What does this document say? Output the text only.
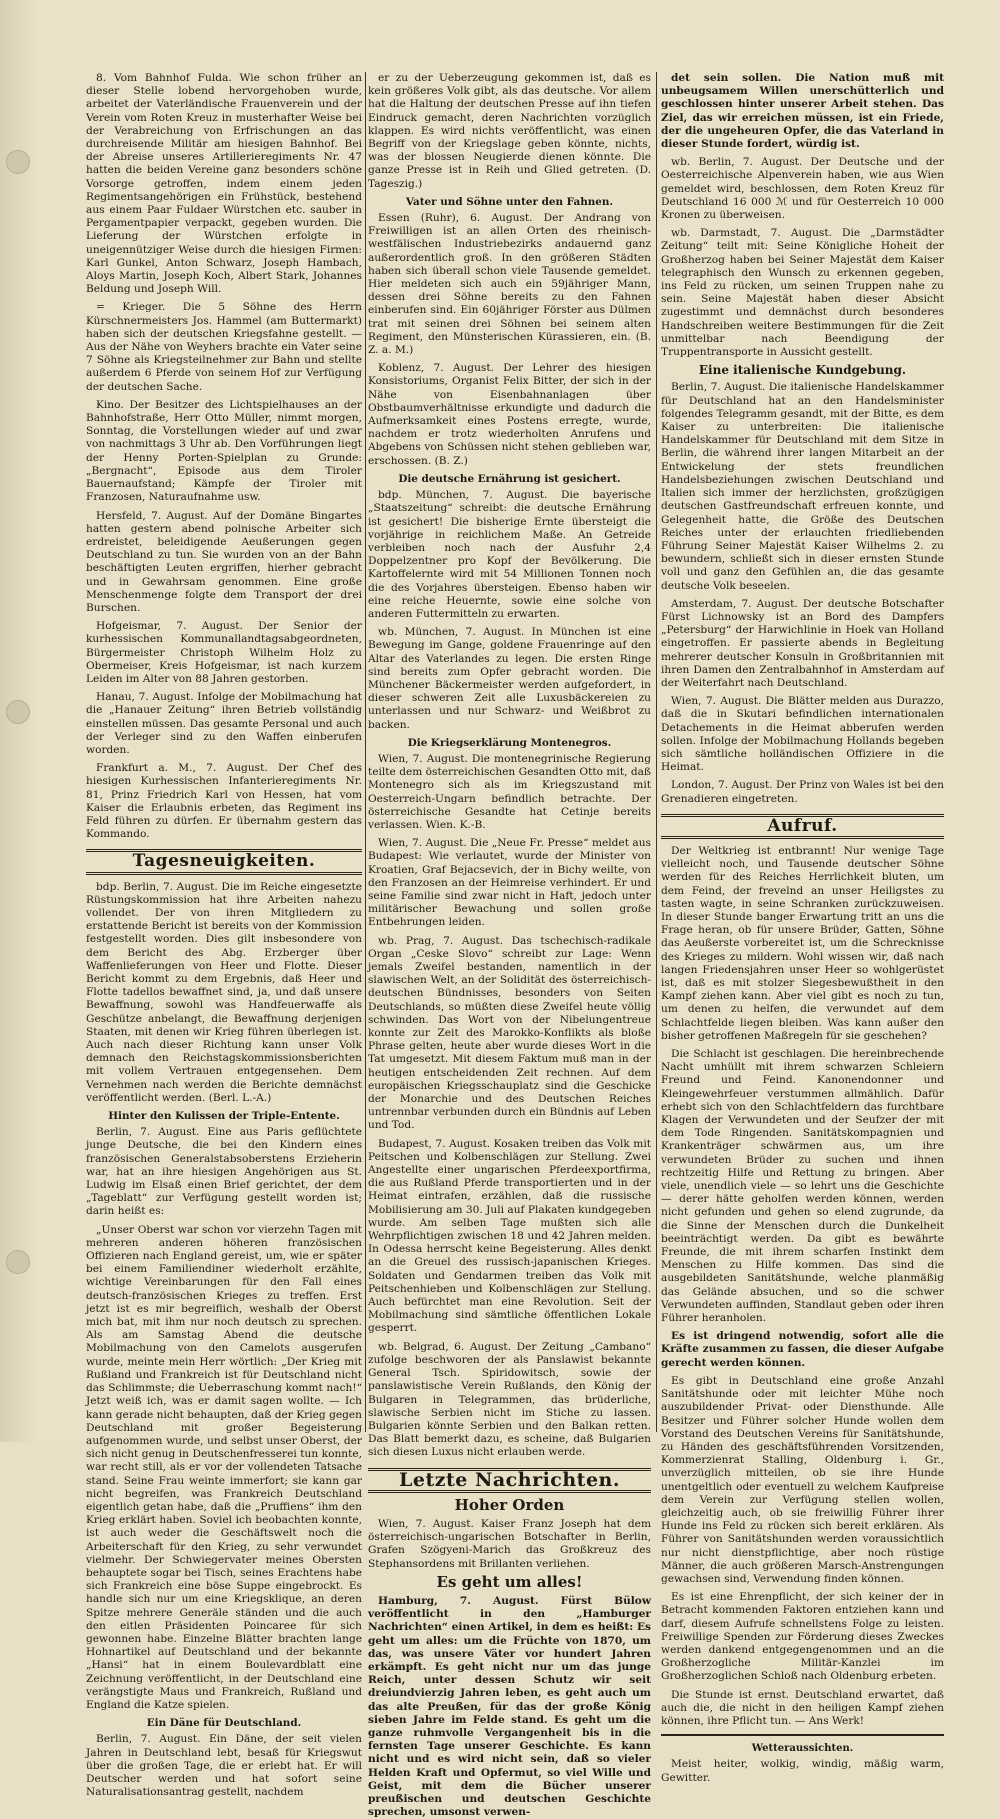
8. Vom Bahnhof Fulda. Wie schon früher an dieser Stelle lobend hervorgehoben wurde, arbeitet der Vaterländische Frauenverein und der Verein vom Roten Kreuz in musterhafter Weise bei der Verabreichung von Erfrischungen an das durchreisende Militär am hiesigen Bahnhof. Bei der Abreise unseres Artillerieregiments Nr. 47 hatten die beiden Vereine ganz besonders schöne Vorsorge getroffen, indem einem jeden Regimentsangehörigen ein Frühstück, bestehend aus einem Paar Fuldaer Würstchen etc. sauber in Pergamentpapier verpackt, gegeben wurden. Die Lieferung der Würstchen erfolgte in uneigennütziger Weise durch die hiesigen Firmen: Karl Gunkel, Anton Schwarz, Joseph Hambach, Aloys Martin, Joseph Koch, Albert Stark, Johannes Beldung und Joseph Will.

= Krieger. Die 5 Söhne des Herrn Kürschnermeisters Jos. Hammel (am Buttermarkt) haben sich der deutschen Kriegsfahne gestellt. — Aus der Nähe von Weyhers brachte ein Vater seine 7 Söhne als Kriegsteilnehmer zur Bahn und stellte außerdem 6 Pferde von seinem Hof zur Verfügung der deutschen Sache.

Kino. Der Besitzer des Lichtspielhauses an der Bahnhofstraße, Herr Otto Müller, nimmt morgen, Sonntag, die Vorstellungen wieder auf und zwar von nachmittags 3 Uhr ab. Den Vorführungen liegt der Henny Porten-Spielplan zu Grunde: „Bergnacht“, Episode aus dem Tiroler Bauernaufstand; Kämpfe der Tiroler mit Franzosen, Naturaufnahme usw.

Hersfeld, 7. August. Auf der Domäne Bingartes hatten gestern abend polnische Arbeiter sich erdreistet, beleidigende Aeußerungen gegen Deutschland zu tun. Sie wurden von an der Bahn beschäftigten Leuten ergriffen, hierher gebracht und in Gewahrsam genommen. Eine große Menschenmenge folgte dem Transport der drei Burschen.

Hofgeismar, 7. August. Der Senior der kurhessischen Kommunallandtagsabgeordneten, Bürgermeister Christoph Wilhelm Holz zu Obermeiser, Kreis Hofgeismar, ist nach kurzem Leiden im Alter von 88 Jahren gestorben.

Hanau, 7. August. Infolge der Mobilmachung hat die „Hanauer Zeitung“ ihren Betrieb vollständig einstellen müssen. Das gesamte Personal und auch der Verleger sind zu den Waffen einberufen worden.

Frankfurt a. M., 7. August. Der Chef des hiesigen Kurhessischen Infanterieregiments Nr. 81, Prinz Friedrich Karl von Hessen, hat vom Kaiser die Erlaubnis erbeten, das Regiment ins Feld führen zu dürfen. Er übernahm gestern das Kommando.

Tagesneuigkeiten.

bdp. Berlin, 7. August. Die im Reiche eingesetzte Rüstungskommission hat ihre Arbeiten nahezu vollendet. Der von ihren Mitgliedern zu erstattende Bericht ist bereits von der Kommission festgestellt worden. Dies gilt insbesondere von dem Bericht des Abg. Erzberger über Waffenlieferungen von Heer und Flotte. Dieser Bericht kommt zu dem Ergebnis, daß Heer und Flotte tadellos bewaffnet sind, ja, und daß unsere Bewaffnung, sowohl was Handfeuerwaffe als Geschütze anbelangt, die Bewaffnung derjenigen Staaten, mit denen wir Krieg führen überlegen ist. Auch nach dieser Richtung kann unser Volk demnach den Reichstagskommissionsberichten mit vollem Vertrauen entgegensehen. Dem Vernehmen nach werden die Berichte demnächst veröffentlicht werden. (Berl. L.-A.)

Hinter den Kulissen der Triple-Entente.

Berlin, 7. August. Eine aus Paris geflüchtete junge Deutsche, die bei den Kindern eines französischen Generalstabsoberstens Erzieherin war, hat an ihre hiesigen Angehörigen aus St. Ludwig im Elsaß einen Brief gerichtet, der dem „Tageblatt“ zur Verfügung gestellt worden ist; darin heißt es:

„Unser Oberst war schon vor vierzehn Tagen mit mehreren anderen höheren französischen Offizieren nach England gereist, um, wie er später bei einem Familiendiner wiederholt erzählte, wichtige Vereinbarungen für den Fall eines deutsch-französischen Krieges zu treffen. Erst jetzt ist es mir begreiflich, weshalb der Oberst mich bat, mit ihm nur noch deutsch zu sprechen. Als am Samstag Abend die deutsche Mobilmachung von den Camelots ausgerufen wurde, meinte mein Herr wörtlich: „Der Krieg mit Rußland und Frankreich ist für Deutschland nicht das Schlimmste; die Ueberraschung kommt nach!“ Jetzt weiß ich, was er damit sagen wollte. — Ich kann gerade nicht behaupten, daß der Krieg gegen Deutschland mit großer Begeisterung aufgenommen wurde, und selbst unser Oberst, der sich nicht genug in Deutschenfresserei tun konnte, war recht still, als er vor der vollendeten Tatsache stand. Seine Frau weinte immerfort; sie kann gar nicht begreifen, was Frankreich Deutschland eigentlich getan habe, daß die „Pruffiens“ ihm den Krieg erklärt haben. Soviel ich beobachten konnte, ist auch weder die Geschäftswelt noch die Arbeiterschaft für den Krieg, zu sehr verwundet vielmehr. Der Schwiegervater meines Obersten behauptete sogar bei Tisch, seines Erachtens habe sich Frankreich eine böse Suppe eingebrockt. Es handle sich nur um eine Kriegsklique, an deren Spitze mehrere Generäle ständen und die auch den eitlen Präsidenten Poincaree für sich gewonnen habe. Einzelne Blätter brachten lange Hohnartikel auf Deutschland und der bekannte „Hansi“ hat in einem Boulevardblatt eine Zeichnung veröffentlicht, in der Deutschland eine verängstigte Maus und Frankreich, Rußland und England die Katze spielen.

Ein Däne für Deutschland.

Berlin, 7. August. Ein Däne, der seit vielen Jahren in Deutschland lebt, besaß für Kriegswut über die großen Tage, die er erlebt hat. Er will Deutscher werden und hat sofort seine Naturalisationsantrag gestellt, nachdem

er zu der Ueberzeugung gekommen ist, daß es kein größeres Volk gibt, als das deutsche. Vor allem hat die Haltung der deutschen Presse auf ihn tiefen Eindruck gemacht, deren Nachrichten vorzüglich klappen. Es wird nichts veröffentlicht, was einen Begriff von der Kriegslage geben könnte, nichts, was der blossen Neugierde dienen könnte. Die ganze Presse ist in Reih und Glied getreten. (D. Tageszig.)

Vater und Söhne unter den Fahnen.

Essen (Ruhr), 6. August. Der Andrang von Freiwilligen ist an allen Orten des rheinisch-westfälischen Industriebezirks andauernd ganz außerordentlich groß. In den größeren Städten haben sich überall schon viele Tausende gemeldet. Hier meldeten sich auch ein 59jähriger Mann, dessen drei Söhne bereits zu den Fahnen einberufen sind. Ein 60jähriger Förster aus Dülmen trat mit seinen drei Söhnen bei seinem alten Regiment, den Münsterischen Kürassieren, ein. (B. Z. a. M.)

Koblenz, 7. August. Der Lehrer des hiesigen Konsistoriums, Organist Felix Bitter, der sich in der Nähe von Eisenbahnanlagen über Obstbaumverhältnisse erkundigte und dadurch die Aufmerksamkeit eines Postens erregte, wurde, nachdem er trotz wiederholten Anrufens und Abgebens von Schüssen nicht stehen geblieben war, erschossen. (B. Z.)

Die deutsche Ernährung ist gesichert.

bdp. München, 7. August. Die bayerische „Staatszeitung“ schreibt: die deutsche Ernährung ist gesichert! Die bisherige Ernte übersteigt die vorjährige in reichlichem Maße. An Getreide verbleiben noch nach der Ausfuhr 2,4 Doppelzentner pro Kopf der Bevölkerung. Die Kartoffelernte wird mit 54 Millionen Tonnen noch die des Vorjahres übersteigen. Ebenso haben wir eine reiche Heuernte, sowie eine solche von anderen Futtermitteln zu erwarten.

wb. München, 7. August. In München ist eine Bewegung im Gange, goldene Frauenringe auf den Altar des Vaterlandes zu legen. Die ersten Ringe sind bereits zum Opfer gebracht worden. Die Münchener Bäckermeister werden aufgefordert, in dieser schweren Zeit alle Luxusbäckereien zu unterlassen und nur Schwarz- und Weißbrot zu backen.

Die Kriegserklärung Montenegros.

Wien, 7. August. Die montenegrinische Regierung teilte dem österreichischen Gesandten Otto mit, daß Montenegro sich als im Kriegszustand mit Oesterreich-Ungarn befindlich betrachte. Der österreichische Gesandte hat Cetinje bereits verlassen. Wien. K.-B.

Wien, 7. August. Die „Neue Fr. Presse“ meldet aus Budapest: Wie verlautet, wurde der Minister von Kroatien, Graf Bejacsevich, der in Bichy weilte, von den Franzosen an der Heimreise verhindert. Er und seine Familie sind zwar nicht in Haft, jedoch unter militärischer Bewachung und sollen große Entbehrungen leiden.

wb. Prag, 7. August. Das tschechisch-radikale Organ „Ceske Slovo“ schreibt zur Lage: Wenn jemals Zweifel bestanden, namentlich in der slawischen Welt, an der Solidität des österreichisch-deutschen Bündnisses, besonders von Seiten Deutschlands, so müßten diese Zweifel heute völlig schwinden. Das Wort von der Nibelungentreue konnte zur Zeit des Marokko-Konflikts als bloße Phrase gelten, heute aber wurde dieses Wort in die Tat umgesetzt. Mit diesem Faktum muß man in der heutigen entscheidenden Zeit rechnen. Auf dem europäischen Kriegsschauplatz sind die Geschicke der Monarchie und des Deutschen Reiches untrennbar verbunden durch ein Bündnis auf Leben und Tod.

Budapest, 7. August. Kosaken treiben das Volk mit Peitschen und Kolbenschlägen zur Stellung. Zwei Angestellte einer ungarischen Pferdeexportfirma, die aus Rußland Pferde transportierten und in der Heimat eintrafen, erzählen, daß die russische Mobilisierung am 30. Juli auf Plakaten kundgegeben wurde. Am selben Tage mußten sich alle Wehrpflichtigen zwischen 18 und 42 Jahren melden. In Odessa herrscht keine Begeisterung. Alles denkt an die Greuel des russisch-japanischen Krieges. Soldaten und Gendarmen treiben das Volk mit Peitschenhieben und Kolbenschlägen zur Stellung. Auch befürchtet man eine Revolution. Seit der Mobilmachung sind sämtliche öffentlichen Lokale gesperrt.

wb. Belgrad, 6. August. Der Zeitung „Cambano“ zufolge beschworen der als Panslawist bekannte General Tsch. Spiridowitsch, sowie der panslawistische Verein Rußlands, den König der Bulgaren in Telegrammen, das brüderliche, slawische Serbien nicht im Stiche zu lassen. Bulgarien könnte Serbien und den Balkan retten. Das Blatt bemerkt dazu, es scheine, daß Bulgarien sich diesen Luxus nicht erlauben werde.

Letzte Nachrichten.
Hoher Orden

Wien, 7. August. Kaiser Franz Joseph hat dem österreichisch-ungarischen Botschafter in Berlin, Grafen Szögyeni-Marich das Großkreuz des Stephansordens mit Brillanten verliehen.

Es geht um alles!

Hamburg, 7. August. Fürst Bülow veröffentlicht in den „Hamburger Nachrichten“ einen Artikel, in dem es heißt: Es geht um alles: um die Früchte von 1870, um das, was unsere Väter vor hundert Jahren erkämpft. Es geht nicht nur um das junge Reich, unter dessen Schutz wir seit dreiundvierzig Jahren leben, es geht auch um das alte Preußen, für das der große König sieben Jahre im Felde stand. Es geht um die ganze ruhmvolle Vergangenheit bis in die fernsten Tage unserer Geschichte. Es kann nicht und es wird nicht sein, daß so vieler Helden Kraft und Opfermut, so viel Wille und Geist, mit dem die Bücher unserer preußischen und deutschen Geschichte sprechen, umsonst verwen-

det sein sollen. Die Nation muß mit unbeugsamem Willen unerschütterlich und geschlossen hinter unserer Arbeit stehen. Das Ziel, das wir erreichen müssen, ist ein Friede, der die ungeheuren Opfer, die das Vaterland in dieser Stunde fordert, würdig ist.

wb. Berlin, 7. August. Der Deutsche und der Oesterreichische Alpenverein haben, wie aus Wien gemeldet wird, beschlossen, dem Roten Kreuz für Deutschland 16 000 ℳ und für Oesterreich 10 000 Kronen zu überweisen.

wb. Darmstadt, 7. August. Die „Darmstädter Zeitung“ teilt mit: Seine Königliche Hoheit der Großherzog haben bei Seiner Majestät dem Kaiser telegraphisch den Wunsch zu erkennen gegeben, ins Feld zu rücken, um seinen Truppen nahe zu sein. Seine Majestät haben dieser Absicht zugestimmt und demnächst durch besonderes Handschreiben weitere Bestimmungen für die Zeit unmittelbar nach Beendigung der Truppentransporte in Aussicht gestellt.

Eine italienische Kundgebung.

Berlin, 7. August. Die italienische Handelskammer für Deutschland hat an den Handelsminister folgendes Telegramm gesandt, mit der Bitte, es dem Kaiser zu unterbreiten: Die italienische Handelskammer für Deutschland mit dem Sitze in Berlin, die während ihrer langen Mitarbeit an der Entwickelung der stets freundlichen Handelsbeziehungen zwischen Deutschland und Italien sich immer der herzlichsten, großzügigen deutschen Gastfreundschaft erfreuen konnte, und Gelegenheit hatte, die Größe des Deutschen Reiches unter der erlauchten friedliebenden Führung Seiner Majestät Kaiser Wilhelms 2. zu bewundern, schließt sich in dieser ernsten Stunde voll und ganz den Gefühlen an, die das gesamte deutsche Volk beseelen.

Amsterdam, 7. August. Der deutsche Botschafter Fürst Lichnowsky ist an Bord des Dampfers „Petersburg“ der Harwichlinie in Hoek van Holland eingetroffen. Er passierte abends in Begleitung mehrerer deutscher Konsuln in Großbritannien mit ihren Damen den Zentralbahnhof in Amsterdam auf der Weiterfahrt nach Deutschland.

Wien, 7. August. Die Blätter melden aus Durazzo, daß die in Skutari befindlichen internationalen Detachements in die Heimat abberufen werden sollen. Infolge der Mobilmachung Hollands begeben sich sämtliche holländischen Offiziere in die Heimat.

London, 7. August. Der Prinz von Wales ist bei den Grenadieren eingetreten.

Aufruf.

Der Weltkrieg ist entbrannt! Nur wenige Tage vielleicht noch, und Tausende deutscher Söhne werden für des Reiches Herrlichkeit bluten, um dem Feind, der frevelnd an unser Heiligstes zu tasten wagte, in seine Schranken zurückzuweisen. In dieser Stunde banger Erwartung tritt an uns die Frage heran, ob für unsere Brüder, Gatten, Söhne das Aeußerste vorbereitet ist, um die Schrecknisse des Krieges zu mildern. Wohl wissen wir, daß nach langen Friedensjahren unser Heer so wohlgerüstet ist, daß es mit stolzer Siegesbewußtheit in den Kampf ziehen kann. Aber viel gibt es noch zu tun, um denen zu helfen, die verwundet auf dem Schlachtfelde liegen bleiben. Was kann außer den bisher getroffenen Maßregeln für sie geschehen?

Die Schlacht ist geschlagen. Die hereinbrechende Nacht umhüllt mit ihrem schwarzen Schleiern Freund und Feind. Kanonendonner und Kleingewehrfeuer verstummen allmählich. Dafür erhebt sich von den Schlachtfeldern das furchtbare Klagen der Verwundeten und der Seufzer der mit dem Tode Ringenden. Sanitätskompagnien und Krankenträger schwärmen aus, um ihre verwundeten Brüder zu suchen und ihnen rechtzeitig Hilfe und Rettung zu bringen. Aber viele, unendlich viele — so lehrt uns die Geschichte — derer hätte geholfen werden können, werden nicht gefunden und gehen so elend zugrunde, da die Sinne der Menschen durch die Dunkelheit beeinträchtigt werden. Da gibt es bewährte Freunde, die mit ihrem scharfen Instinkt dem Menschen zu Hilfe kommen. Das sind die ausgebildeten Sanitätshunde, welche planmäßig das Gelände absuchen, und so die schwer Verwundeten auffinden, Standlaut geben oder ihren Führer heranholen.

Es ist dringend notwendig, sofort alle die Kräfte zusammen zu fassen, die dieser Aufgabe gerecht werden können.

Es gibt in Deutschland eine große Anzahl Sanitätshunde oder mit leichter Mühe noch auszubildender Privat- oder Diensthunde. Alle Besitzer und Führer solcher Hunde wollen dem Vorstand des Deutschen Vereins für Sanitätshunde, zu Händen des geschäftsführenden Vorsitzenden, Kommerzienrat Stalling, Oldenburg i. Gr., unverzüglich mitteilen, ob sie ihre Hunde unentgeltlich oder eventuell zu welchem Kaufpreise dem Verein zur Verfügung stellen wollen, gleichzeitig auch, ob sie freiwillig Führer ihrer Hunde ins Feld zu rücken sich bereit erklären. Als Führer von Sanitätshunden werden voraussichtlich nur nicht dienstpflichtige, aber noch rüstige Männer, die auch größeren Marsch-Anstrengungen gewachsen sind, Verwendung finden können.

Es ist eine Ehrenpflicht, der sich keiner der in Betracht kommenden Faktoren entziehen kann und darf, diesem Aufrufe schnellstens Folge zu leisten. Freiwillige Spenden zur Förderung dieses Zweckes werden dankend entgegengenommen und an die Großherzogliche Militär-Kanzlei im Großherzoglichen Schloß nach Oldenburg erbeten.

Die Stunde ist ernst. Deutschland erwartet, daß auch die, die nicht in den heiligen Kampf ziehen können, ihre Pflicht tun. — Ans Werk!

Wetteraussichten.

Meist heiter, wolkig, windig, mäßig warm, Gewitter.
